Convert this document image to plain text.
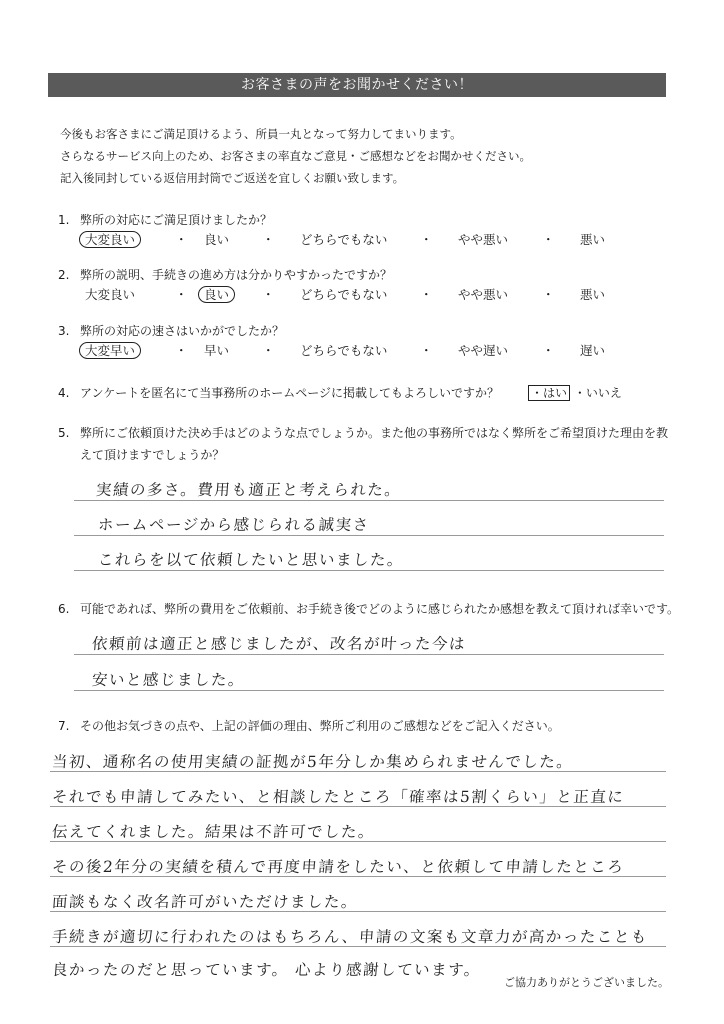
お客さまの声をお聞かせください！
今後もお客さまにご満足頂けるよう、所員一丸となって努力してまいります。
さらなるサービス向上のため、お客さまの率直なご意見・ご感想などをお聞かせください。
記入後同封している返信用封筒でご返送を宜しくお願い致します。
1. 弊所の対応にご満足頂けましたか？
大変良い	・ 良い	・ どちらでもない	・ やや悪い	・ 悪い
2. 弊所の説明、手続きの進め方は分かりやすかったですか？
大変良い	・ 良い	・ どちらでもない	・ やや悪い	・ 悪い
3. 弊所の対応の速さはいかがでしたか？
大変早い	・ 早い	・ どちらでもない	・ やや遅い	・ 遅い
4. アンケートを匿名にて当事務所のホームページに掲載してもよろしいですか？	・はい ・いいえ
5. 弊所にご依頼頂けた決め手はどのような点でしょうか。また他の事務所ではなく弊所をご希望頂けた理由を教
えて頂けますでしょうか？
実績の多さ。費用も適正と考えられた。
ホームページから感じられる誠実さ
これらを以て依頼したいと思いました。
6. 可能であれば、弊所の費用をご依頼前、お手続き後でどのように感じられたか感想を教えて頂ければ幸いです。
依頼前は適正と感じましたが、改名が叶った今は
安いと感じました。
7. その他お気づきの点や、上記の評価の理由、弊所ご利用のご感想などをご記入ください。
当初、通称名の使用実績の証拠が5年分しか集められませんでした。
それでも申請してみたい、と相談したところ「確率は5割くらい」と正直に
伝えてくれました。結果は不許可でした。
その後2年分の実績を積んで再度申請をしたい、と依頼して申請したところ
面談もなく改名許可がいただけました。
手続きが適切に行われたのはもちろん、申請の文案も文章力が高かったことも
良かったのだと思っています。 心より感謝しています。
ご協力ありがとうございました。
